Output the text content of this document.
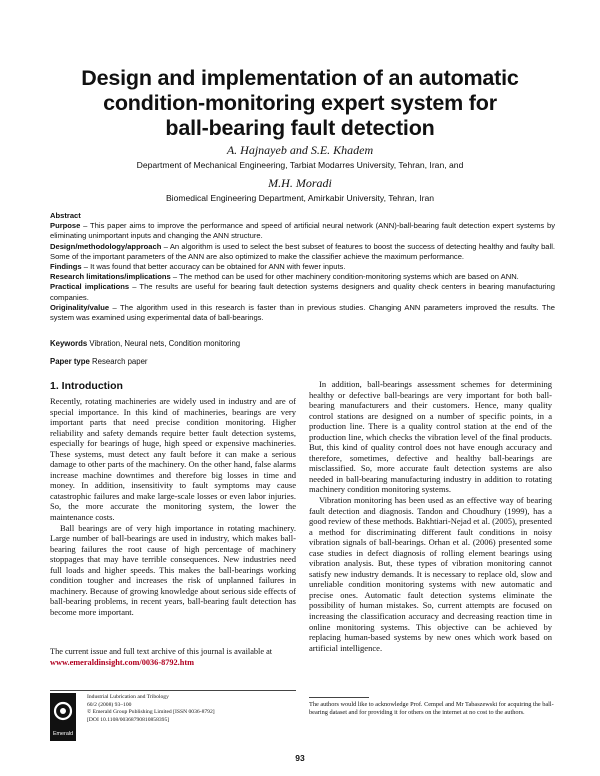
Design and implementation of an automatic
condition-monitoring expert system for
ball-bearing fault detection
A. Hajnayeb and S.E. Khadem
Department of Mechanical Engineering, Tarbiat Modarres University, Tehran, Iran, and
M.H. Moradi
Biomedical Engineering Department, Amirkabir University, Tehran, Iran

Abstract

Purpose – This paper aims to improve the performance and speed of artificial neural network (ANN)-ball-bearing fault detection expert systems by eliminating unimportant inputs and changing the ANN structure.

Design/methodology/approach – An algorithm is used to select the best subset of features to boost the success of detecting healthy and faulty ball. Some of the important parameters of the ANN are also optimized to make the classifier achieve the maximum performance.

Findings – It was found that better accuracy can be obtained for ANN with fewer inputs.

Research limitations/implications – The method can be used for other machinery condition-monitoring systems which are based on ANN.

Practical implications – The results are useful for bearing fault detection systems designers and quality check centers in bearing manufacturing companies.

Originality/value – The algorithm used in this research is faster than in previous studies. Changing ANN parameters improved the results. The system was examined using experimental data of ball-bearings.

Keywords Vibration, Neural nets, Condition monitoring
Paper type Research paper
1. Introduction

Recently, rotating machineries are widely used in industry and are of special importance. In this kind of machineries, bearings are very important parts that need precise condition monitoring. Higher reliability and safety demands require better fault detection systems, especially for bearings of huge, high speed or expensive machineries. These systems, must detect any fault before it can make a serious damage to other parts of the machinery. On the other hand, false alarms increase machine downtimes and therefore big losses in time and money. In addition, insensitivity to fault symptoms may cause catastrophic failures and make large-scale losses or even labor injuries. So, the more accurate the monitoring system, the lower the maintenance costs.

Ball bearings are of very high importance in rotating machinery. Large number of ball-bearings are used in industry, which makes ball-bearing failures the root cause of high percentage of machinery stoppages that may have terrible consequences. New industries need full loads and higher speeds. This makes the ball-bearings working condition tougher and increases the risk of unplanned failures in machinery. Because of growing knowledge about serious side effects of ball-bearing problems, in recent years, ball-bearing fault detection has become more important.

The current issue and full text archive of this journal is available at
www.emeraldinsight.com/0036-8792.htm
Emerald
Industrial Lubrication and Tribology
60/2 (2008) 93–100
© Emerald Group Publishing Limited [ISSN 0036-8792]
[DOI 10.1108/00368790810858395]

In addition, ball-bearings assessment schemes for determining healthy or defective ball-bearings are very important for both ball-bearing manufacturers and their customers. Hence, many quality control stations are designed on a number of specific points, in a production line. There is a quality control station at the end of the production line, which checks the vibration level of the final products. But, this kind of quality control does not have enough accuracy and therefore, sometimes, defective and healthy ball-bearings are misclassified. So, more accurate fault detection systems are also needed in ball-bearing manufacturing industry in addition to rotating machinery condition monitoring systems.

Vibration monitoring has been used as an effective way of bearing fault detection and diagnosis. Tandon and Choudhury (1999), has a good review of these methods. Bakhtiari-Nejad et al. (2005), presented a method for discriminating different fault conditions in noisy vibration signals of ball-bearings. Orhan et al. (2006) presented some case studies in defect diagnosis of rolling element bearings using vibration analysis. But, these types of vibration monitoring cannot satisfy new industry demands. It is necessary to replace old, slow and unreliable condition monitoring systems with new automatic and precise ones. Automatic fault detection systems eliminate the possibility of human mistakes. So, current attempts are focused on increasing the classification accuracy and decreasing reaction time in online monitoring systems. This objective can be achieved by replacing human-based systems by new ones which work based on artificial intelligence.

The authors would like to acknowledge Prof. Cempel and Mr Tabaszewski for acquiring the ball-bearing dataset and for providing it for others on the internet at no cost to the authors.
93
